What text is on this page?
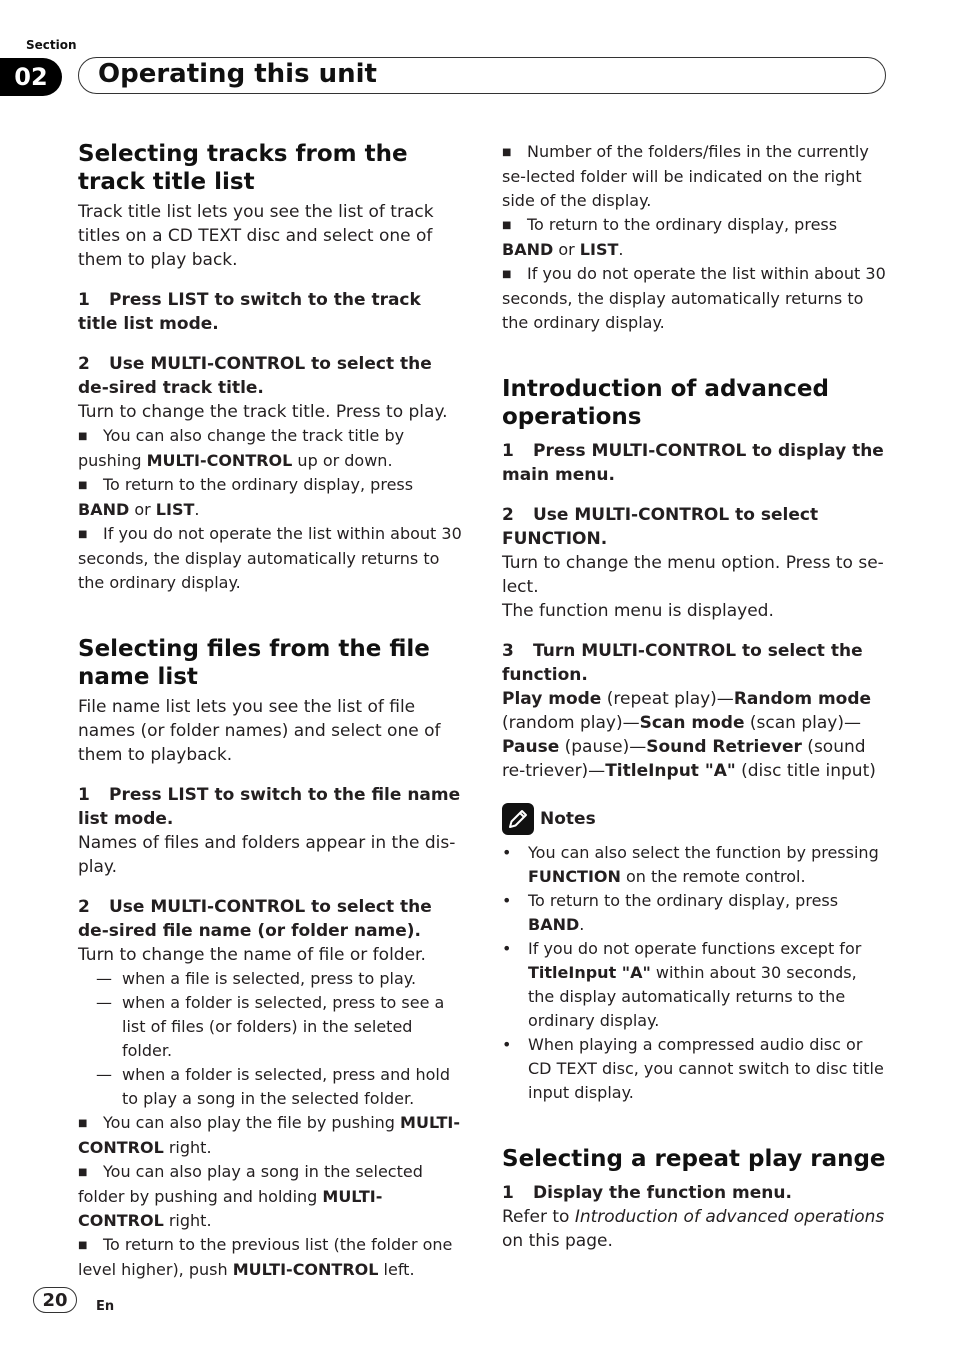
Section
02	Operating this unit
Selecting tracks from the track title list

Track title list lets you see the list of track titles on a CD TEXT disc and select one of them to play back.

1 Press LIST to switch to the track title list mode.

2 Use MULTI-CONTROL to select the de-sired track title.

Turn to change the track title. Press to play.

■ You can also change the track title by pushing MULTI-CONTROL up or down.

■ To return to the ordinary display, press BAND or LIST.

■ If you do not operate the list within about 30 seconds, the display automatically returns to the ordinary display.

Selecting files from the file name list

File name list lets you see the list of file names (or folder names) and select one of them to playback.

1 Press LIST to switch to the file name list mode.

Names of files and folders appear in the dis-play.

2 Use MULTI-CONTROL to select the de-sired file name (or folder name).

Turn to change the name of file or folder.

— when a file is selected, press to play.

— when a folder is selected, press to see a list of files (or folders) in the seleted folder.

— when a folder is selected, press and hold to play a song in the selected folder.

■ You can also play the file by pushing MULTI-CONTROL right.

■ You can also play a song in the selected folder by pushing and holding MULTI-CONTROL right.

■ To return to the previous list (the folder one level higher), push MULTI-CONTROL left.

■ Number of the folders/files in the currently se-lected folder will be indicated on the right side of the display.

■ To return to the ordinary display, press BAND or LIST.

■ If you do not operate the list within about 30 seconds, the display automatically returns to the ordinary display.

Introduction of advanced operations

1 Press MULTI-CONTROL to display the main menu.

2 Use MULTI-CONTROL to select FUNCTION.

Turn to change the menu option. Press to se-lect.

The function menu is displayed.

3 Turn MULTI-CONTROL to select the function.

Play mode (repeat play)—Random mode (random play)—Scan mode (scan play)—Pause (pause)—Sound Retriever (sound re-triever)—TitleInput "A" (disc title input)

Notes

• You can also select the function by pressing FUNCTION on the remote control.

• To return to the ordinary display, press BAND.

• If you do not operate functions except for TitleInput "A" within about 30 seconds, the display automatically returns to the ordinary display.

• When playing a compressed audio disc or CD TEXT disc, you cannot switch to disc title input display.

Selecting a repeat play range

1 Display the function menu.

Refer to Introduction of advanced operations on this page.

20	En
